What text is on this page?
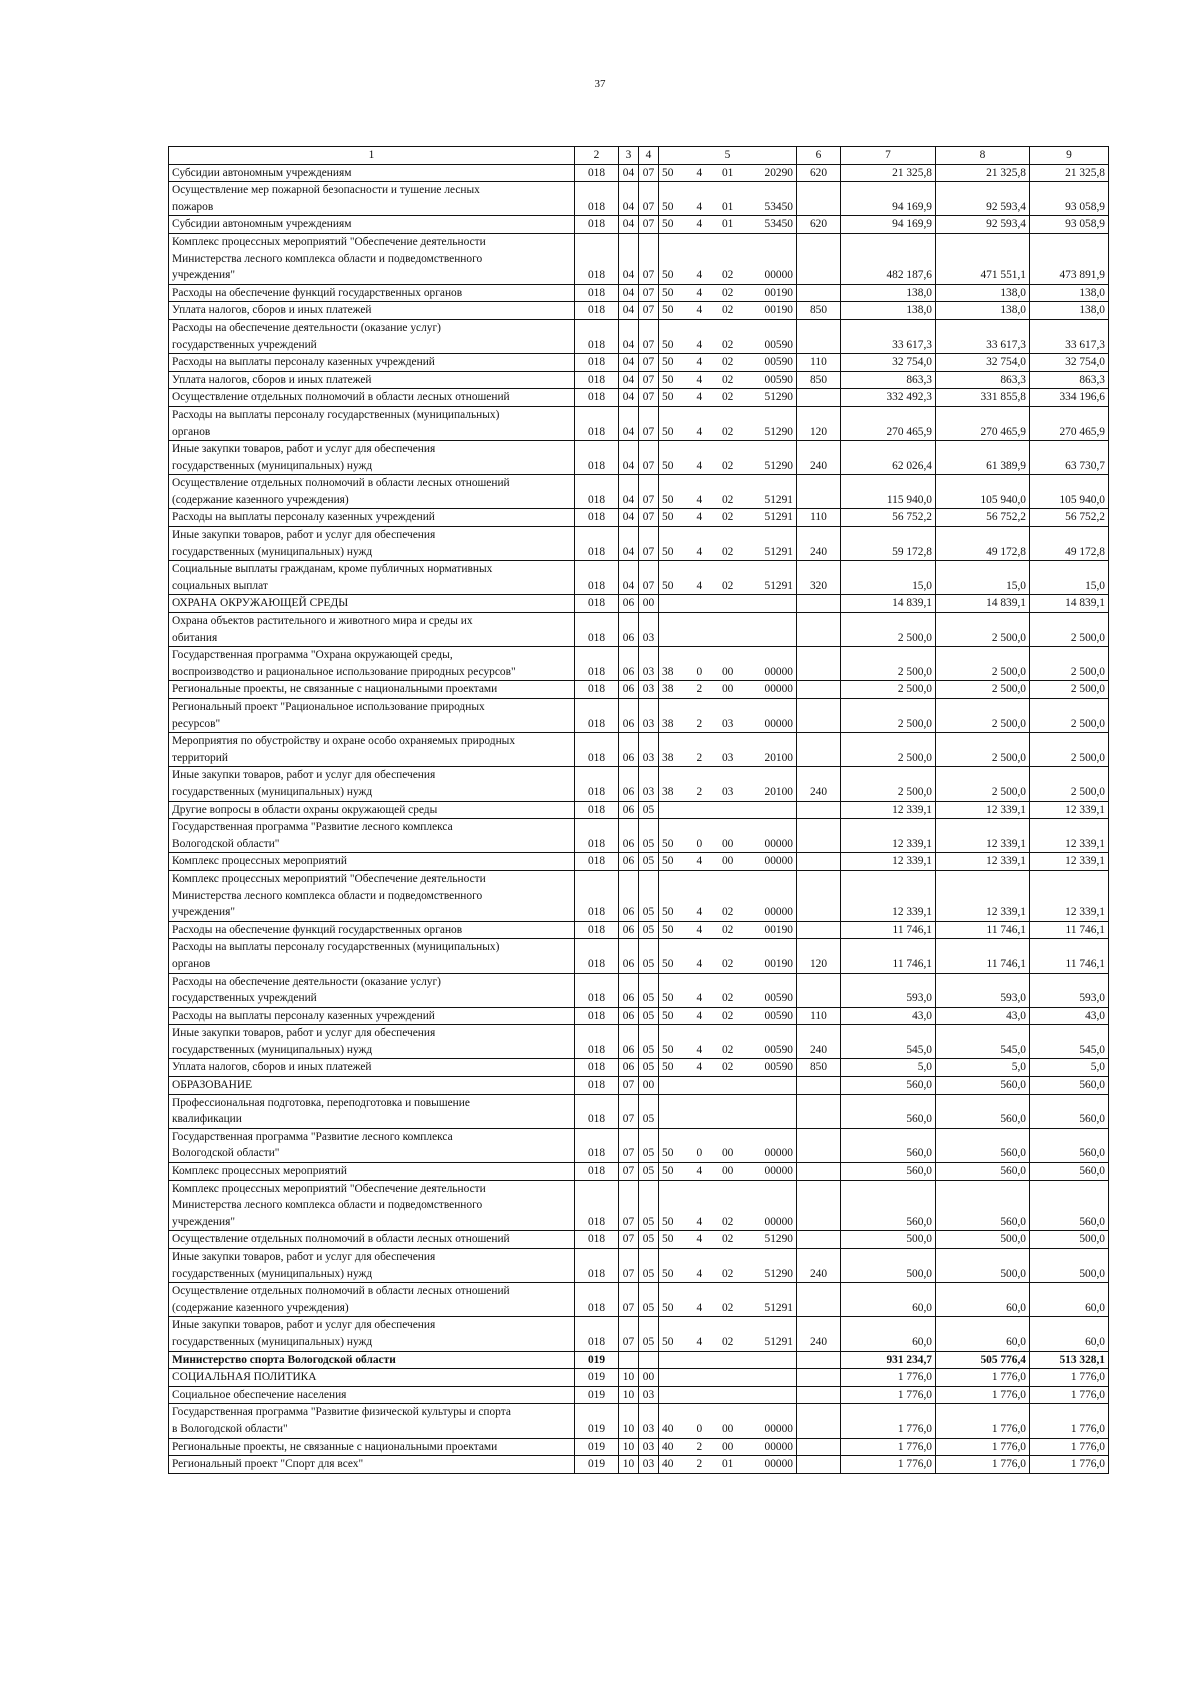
37
1	2	3	4	5	6	7	8	9
Субсидии автономным учреждениям	018	04	07	50 4 01 20290	620	21 325,8	21 325,8	21 325,8
Осуществление мер пожарной безопасности и тушение лесных
пожаров	018	04	07	50 4 01 53450		94 169,9	92 593,4	93 058,9
Субсидии автономным учреждениям	018	04	07	50 4 01 53450	620	94 169,9	92 593,4	93 058,9
Комплекс процессных мероприятий "Обеспечение деятельности
Министерства лесного комплекса области и подведомственного
учреждения"	018	04	07	50 4 02 00000		482 187,6	471 551,1	473 891,9
Расходы на обеспечение функций государственных органов	018	04	07	50 4 02 00190		138,0	138,0	138,0
Уплата налогов, сборов и иных платежей	018	04	07	50 4 02 00190	850	138,0	138,0	138,0
Расходы на обеспечение деятельности (оказание услуг)
государственных учреждений	018	04	07	50 4 02 00590		33 617,3	33 617,3	33 617,3
Расходы на выплаты персоналу казенных учреждений	018	04	07	50 4 02 00590	110	32 754,0	32 754,0	32 754,0
Уплата налогов, сборов и иных платежей	018	04	07	50 4 02 00590	850	863,3	863,3	863,3
Осуществление отдельных полномочий в области лесных отношений	018	04	07	50 4 02 51290		332 492,3	331 855,8	334 196,6
Расходы на выплаты персоналу государственных (муниципальных)
органов	018	04	07	50 4 02 51290	120	270 465,9	270 465,9	270 465,9
Иные закупки товаров, работ и услуг для обеспечения
государственных (муниципальных) нужд	018	04	07	50 4 02 51290	240	62 026,4	61 389,9	63 730,7
Осуществление отдельных полномочий в области лесных отношений
(содержание казенного учреждения)	018	04	07	50 4 02 51291		115 940,0	105 940,0	105 940,0
Расходы на выплаты персоналу казенных учреждений	018	04	07	50 4 02 51291	110	56 752,2	56 752,2	56 752,2
Иные закупки товаров, работ и услуг для обеспечения
государственных (муниципальных) нужд	018	04	07	50 4 02 51291	240	59 172,8	49 172,8	49 172,8
Социальные выплаты гражданам, кроме публичных нормативных
социальных выплат	018	04	07	50 4 02 51291	320	15,0	15,0	15,0
ОХРАНА ОКРУЖАЮЩЕЙ СРЕДЫ	018	06	00			14 839,1	14 839,1	14 839,1
Охрана объектов растительного и животного мира и среды их
обитания	018	06	03			2 500,0	2 500,0	2 500,0
Государственная программа "Охрана окружающей среды,
воспроизводство и рациональное использование природных ресурсов"	018	06	03	38 0 00 00000		2 500,0	2 500,0	2 500,0
Региональные проекты, не связанные с национальными проектами	018	06	03	38 2 00 00000		2 500,0	2 500,0	2 500,0
Региональный проект "Рациональное использование природных
ресурсов"	018	06	03	38 2 03 00000		2 500,0	2 500,0	2 500,0
Мероприятия по обустройству и охране особо охраняемых природных
территорий	018	06	03	38 2 03 20100		2 500,0	2 500,0	2 500,0
Иные закупки товаров, работ и услуг для обеспечения
государственных (муниципальных) нужд	018	06	03	38 2 03 20100	240	2 500,0	2 500,0	2 500,0
Другие вопросы в области охраны окружающей среды	018	06	05			12 339,1	12 339,1	12 339,1
Государственная программа "Развитие лесного комплекса
Вологодской области"	018	06	05	50 0 00 00000		12 339,1	12 339,1	12 339,1
Комплекс процессных мероприятий	018	06	05	50 4 00 00000		12 339,1	12 339,1	12 339,1
Комплекс процессных мероприятий "Обеспечение деятельности
Министерства лесного комплекса области и подведомственного
учреждения"	018	06	05	50 4 02 00000		12 339,1	12 339,1	12 339,1
Расходы на обеспечение функций государственных органов	018	06	05	50 4 02 00190		11 746,1	11 746,1	11 746,1
Расходы на выплаты персоналу государственных (муниципальных)
органов	018	06	05	50 4 02 00190	120	11 746,1	11 746,1	11 746,1
Расходы на обеспечение деятельности (оказание услуг)
государственных учреждений	018	06	05	50 4 02 00590		593,0	593,0	593,0
Расходы на выплаты персоналу казенных учреждений	018	06	05	50 4 02 00590	110	43,0	43,0	43,0
Иные закупки товаров, работ и услуг для обеспечения
государственных (муниципальных) нужд	018	06	05	50 4 02 00590	240	545,0	545,0	545,0
Уплата налогов, сборов и иных платежей	018	06	05	50 4 02 00590	850	5,0	5,0	5,0
ОБРАЗОВАНИЕ	018	07	00			560,0	560,0	560,0
Профессиональная подготовка, переподготовка и повышение
квалификации	018	07	05			560,0	560,0	560,0
Государственная программа "Развитие лесного комплекса
Вологодской области"	018	07	05	50 0 00 00000		560,0	560,0	560,0
Комплекс процессных мероприятий	018	07	05	50 4 00 00000		560,0	560,0	560,0
Комплекс процессных мероприятий "Обеспечение деятельности
Министерства лесного комплекса области и подведомственного
учреждения"	018	07	05	50 4 02 00000		560,0	560,0	560,0
Осуществление отдельных полномочий в области лесных отношений	018	07	05	50 4 02 51290		500,0	500,0	500,0
Иные закупки товаров, работ и услуг для обеспечения
государственных (муниципальных) нужд	018	07	05	50 4 02 51290	240	500,0	500,0	500,0
Осуществление отдельных полномочий в области лесных отношений
(содержание казенного учреждения)	018	07	05	50 4 02 51291		60,0	60,0	60,0
Иные закупки товаров, работ и услуг для обеспечения
государственных (муниципальных) нужд	018	07	05	50 4 02 51291	240	60,0	60,0	60,0
Министерство спорта Вологодской области	019					931 234,7	505 776,4	513 328,1
СОЦИАЛЬНАЯ ПОЛИТИКА	019	10	00			1 776,0	1 776,0	1 776,0
Социальное обеспечение населения	019	10	03			1 776,0	1 776,0	1 776,0
Государственная программа "Развитие физической культуры и спорта
в Вологодской области"	019	10	03	40 0 00 00000		1 776,0	1 776,0	1 776,0
Региональные проекты, не связанные с национальными проектами	019	10	03	40 2 00 00000		1 776,0	1 776,0	1 776,0
Региональный проект "Спорт для всех"	019	10	03	40 2 01 00000		1 776,0	1 776,0	1 776,0
